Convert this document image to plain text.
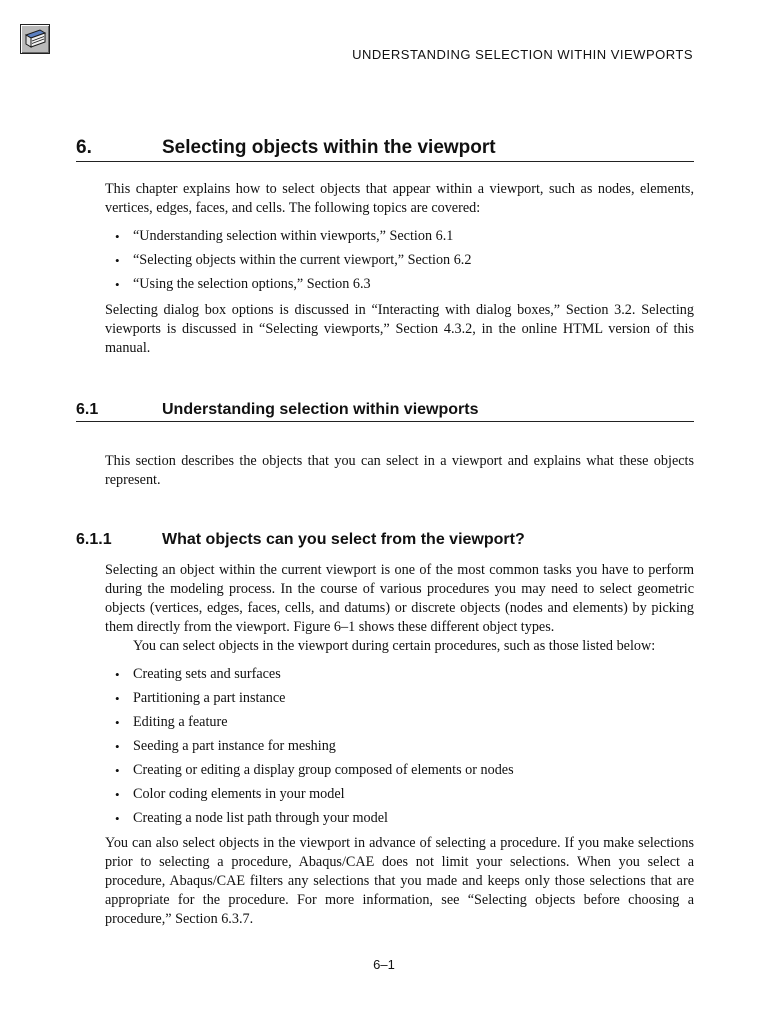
UNDERSTANDING SELECTION WITHIN VIEWPORTS
6.	Selecting objects within the viewport

This chapter explains how to select objects that appear within a viewport, such as nodes, elements, vertices, edges, faces, and cells. The following topics are covered:

• “Understanding selection within viewports,” Section 6.1
• “Selecting objects within the current viewport,” Section 6.2
• “Using the selection options,” Section 6.3

Selecting dialog box options is discussed in “Interacting with dialog boxes,” Section 3.2. Selecting viewports is discussed in “Selecting viewports,” Section 4.3.2, in the online HTML version of this manual.

6.1	Understanding selection within viewports

This section describes the objects that you can select in a viewport and explains what these objects represent.

6.1.1	What objects can you select from the viewport?

Selecting an object within the current viewport is one of the most common tasks you have to perform during the modeling process. In the course of various procedures you may need to select geometric objects (vertices, edges, faces, cells, and datums) or discrete objects (nodes and elements) by picking them directly from the viewport. Figure 6–1 shows these different object types.

You can select objects in the viewport during certain procedures, such as those listed below:

• Creating sets and surfaces
• Partitioning a part instance
• Editing a feature
• Seeding a part instance for meshing
• Creating or editing a display group composed of elements or nodes
• Color coding elements in your model
• Creating a node list path through your model

You can also select objects in the viewport in advance of selecting a procedure. If you make selections prior to selecting a procedure, Abaqus/CAE does not limit your selections. When you select a procedure, Abaqus/CAE filters any selections that you made and keeps only those selections that are appropriate for the procedure. For more information, see “Selecting objects before choosing a procedure,” Section 6.3.7.

6–1
